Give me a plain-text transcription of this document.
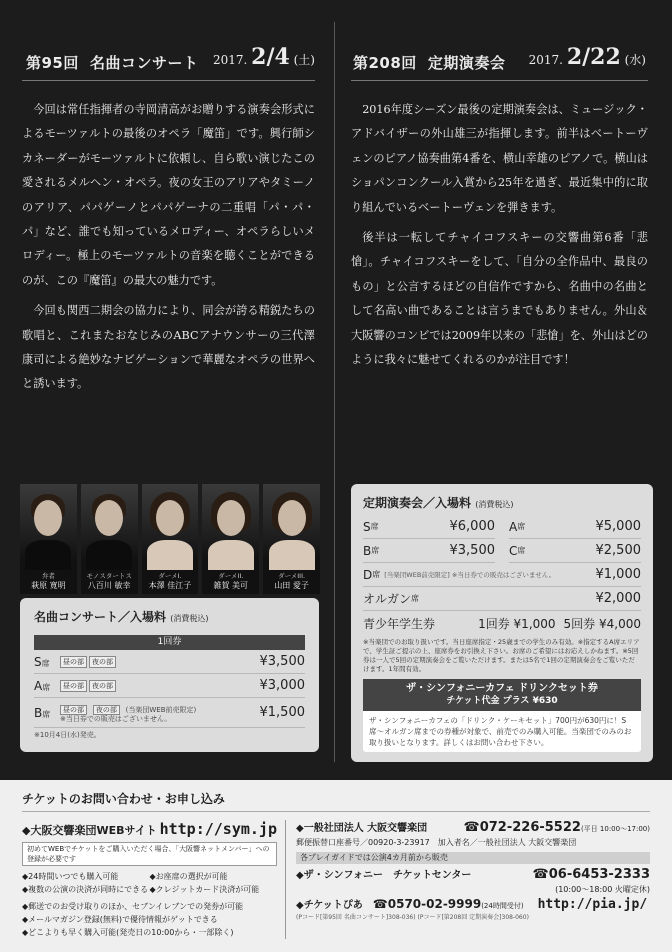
第95回 名曲コンサート 2017. 2/4 (土)

今回は常任指揮者の寺岡清高がお贈りする演奏会形式によるモーツァルトの最後のオペラ「魔笛」です。興行師シカネーダーがモーツァルトに依頼し、自ら歌い演じたこの愛されるメルヘン・オペラ。夜の女王のアリアやタミーノのアリア、パパゲーノとパパゲーナの二重唱「パ・パ・パ」など、誰でも知っているメロディー、オペラらしいメロディー。極上のモーツァルトの音楽を聴くことができるのが、この『魔笛』の最大の魅力です。

今回も関西二期会の協力により、同会が誇る精鋭たちの歌唱と、これまたおなじみのABCアナウンサーの三代澤康司による絶妙なナビゲーションで華麗なオペラの世界へと誘います。

弁者
萩原 寛明
モノスタートス
八百川 敏幸
ダーメI.
本澤 佳江子
ダーメII.
雑賀 美可
ダーメIII.
山田 愛子
名曲コンサート／入場料 (消費税込)
1回券
S席	昼の部	夜の部	¥3,500
A席	昼の部	夜の部	¥3,000
B席	昼の部 夜の部 (当楽団WEB前売限定)
※当日券での販売はございません。	¥1,500
※10月4日(水)発売。
第208回 定期演奏会 2017. 2/22 (水)

2016年度シーズン最後の定期演奏会は、ミュージック・アドバイザーの外山雄三が指揮します。前半はベートーヴェンのピアノ協奏曲第4番を、横山幸雄のピアノで。横山はショパンコンクール入賞から25年を過ぎ、最近集中的に取り組んでいるベートーヴェンを弾きます。

後半は一転してチャイコフスキーの交響曲第6番「悲愴」。チャイコフスキーをして、「自分の全作品中、最良のもの」と公言するほどの自信作ですから、名曲中の名曲として名高い曲であることは言うまでもありません。外山＆大阪響のコンビでは2009年以来の「悲愴」を、外山はどのように我々に魅せてくれるのかが注目です！

定期演奏会／入場料 (消費税込)
S 席	¥6,000 A 席	¥5,000
B 席	¥3,500 C 席	¥2,500
D 席 [当楽団WEB前売限定] ※当日券での販売はございません。	¥1,000
オルガン 席	¥2,000
青少年学生券	1回券 ¥1,000 5回券 ¥4,000
※当楽団でのお取り扱いです。当日座席指定・25歳までの学生のみ有効。※指定するA席エリアで、学生証ご提示の上、座席券をお引換え下さい。お席のご希望にはお応えしかねます。※5回券は一人で5回の定期演奏会をご覧いただけます。または5名で1回の定期演奏会をご覧いただけます。1年間有効。
ザ・シンフォニーカフェ ドリンクセット券
チケット代金 プラス ¥630
ザ・シンフォニーカフェの「ドリンク・ケーキセット」700円が630円に！S席〜オルガン席までの券種が対象で、前売でのみ購入可能。当楽団でのみのお取り扱いとなります。詳しくはお問い合わせ下さい。
チケットのお問い合わせ・お申し込み
◆大阪交響楽団WEBサイト http://sym.jp
初めてWEBでチケットをご購入いただく場合、「大阪響ネットメンバー」への登録が必要です
◆24時間いつでも購入可能	◆お座席の選択が可能
◆複数の公演の決済が同時にできる ◆クレジットカード決済が可能
◆郵送でのお受け取りのほか、セブンイレブンでの発券が可能
◆メールマガジン登録(無料)で優待情報がゲットできる
◆どこよりも早く購入可能(発売日の10:00から・一部除く)
◆一般社団法人 大阪交響楽団	☎072-226-5522(平日 10:00〜17:00)
郵便振替口座番号／00920-3-23917　加入者名／一般社団法人 大阪交響楽団
各プレイガイドでは公演4カ月前から販売
◆ザ・シンフォニー　チケットセンター	☎06-6453-2333
(10:00〜18:00 火曜定休)
◆チケットぴあ ☎0570-02-9999 (24時間受付) http://pia.jp/
(Pコード[第95回 名曲コンサート]308-036) (Pコード[第208回 定期演奏会]308-060)
